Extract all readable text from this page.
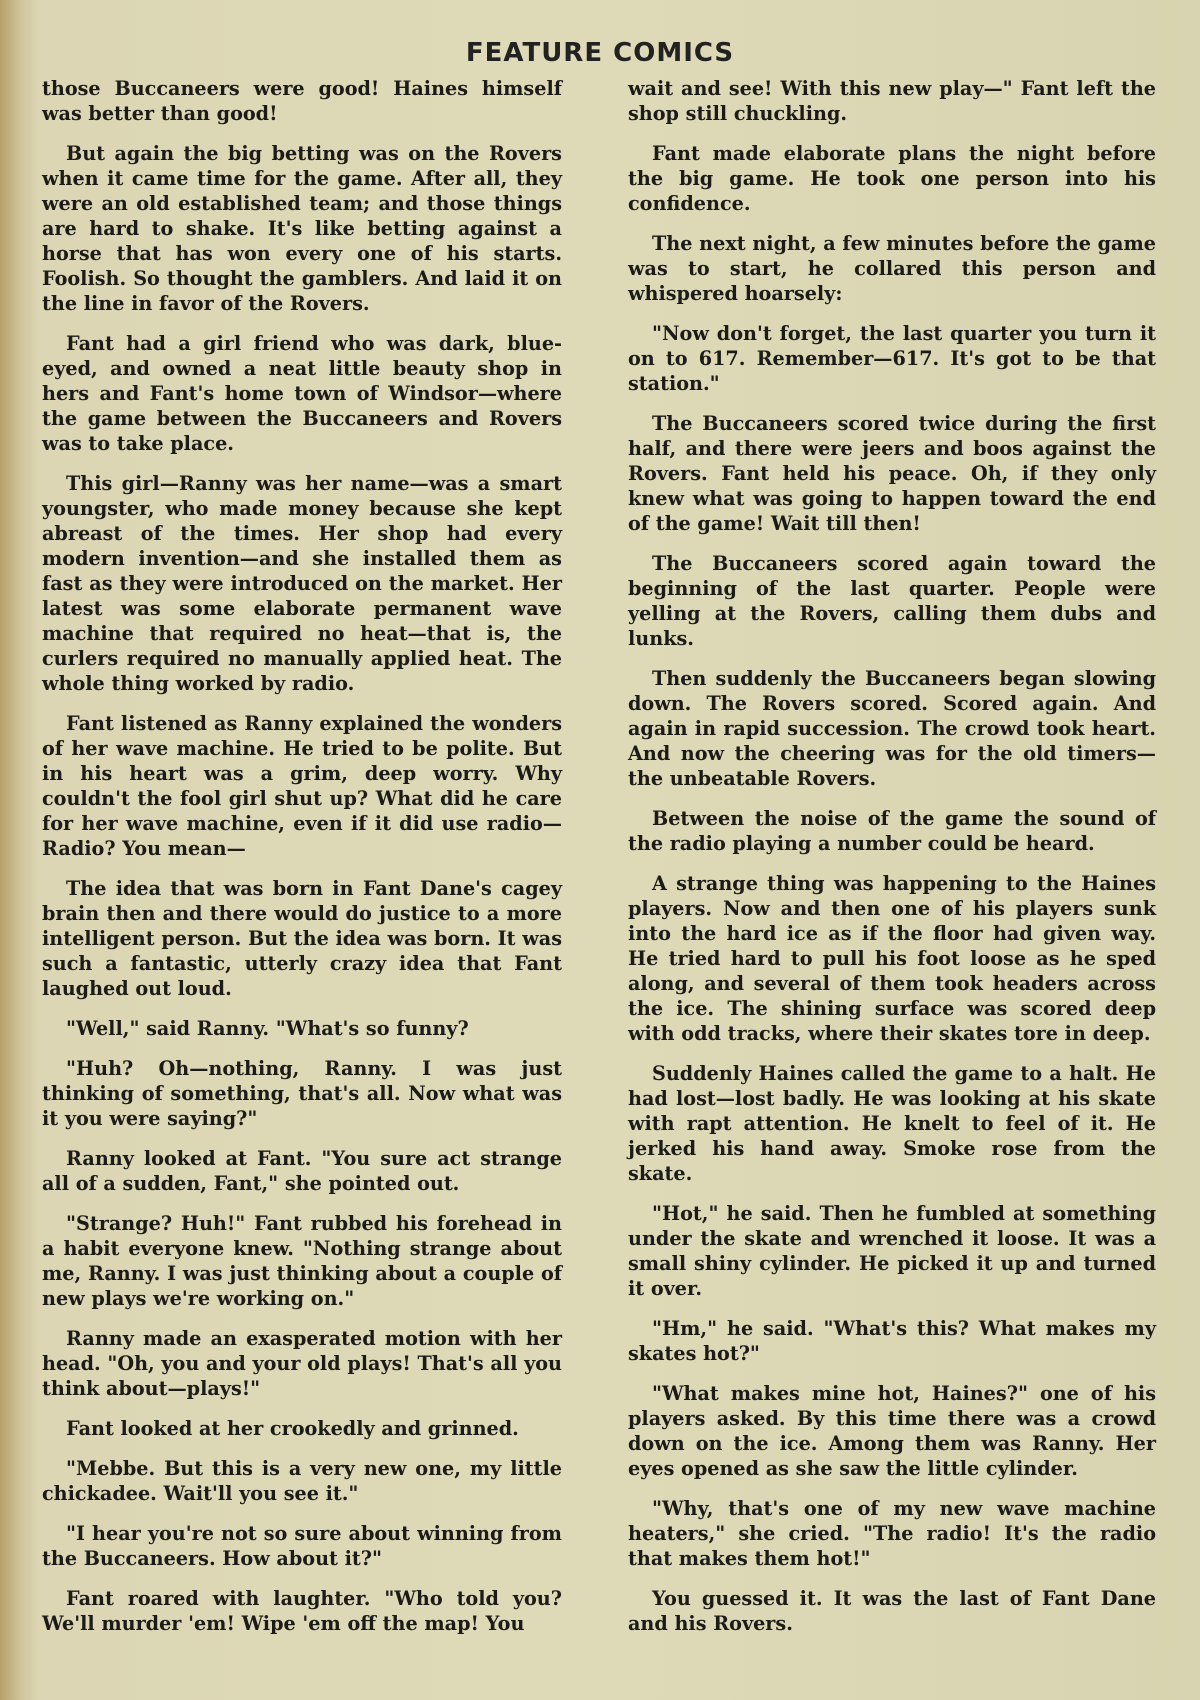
FEATURE COMICS

those Buccaneers were good! Haines himself was better than good!

But again the big betting was on the Rovers when it came time for the game. After all, they were an old established team; and those things are hard to shake. It's like betting against a horse that has won every one of his starts. Foolish. So thought the gamblers. And laid it on the line in favor of the Rovers.

Fant had a girl friend who was dark, blue-eyed, and owned a neat little beauty shop in hers and Fant's home town of Windsor—where the game between the Buccaneers and Rovers was to take place.

This girl—Ranny was her name—was a smart youngster, who made money because she kept abreast of the times. Her shop had every modern invention—and she installed them as fast as they were introduced on the market. Her latest was some elaborate permanent wave machine that required no heat—that is, the curlers required no manually applied heat. The whole thing worked by radio.

Fant listened as Ranny explained the wonders of her wave machine. He tried to be polite. But in his heart was a grim, deep worry. Why couldn't the fool girl shut up? What did he care for her wave machine, even if it did use radio—Radio? You mean—

The idea that was born in Fant Dane's cagey brain then and there would do justice to a more intelligent person. But the idea was born. It was such a fantastic, utterly crazy idea that Fant laughed out loud.

"Well," said Ranny. "What's so funny?

"Huh? Oh—nothing, Ranny. I was just thinking of something, that's all. Now what was it you were saying?"

Ranny looked at Fant. "You sure act strange all of a sudden, Fant," she pointed out.

"Strange? Huh!" Fant rubbed his forehead in a habit everyone knew. "Nothing strange about me, Ranny. I was just thinking about a couple of new plays we're working on."

Ranny made an exasperated motion with her head. "Oh, you and your old plays! That's all you think about—plays!"

Fant looked at her crookedly and grinned.

"Mebbe. But this is a very new one, my little chickadee. Wait'll you see it."

"I hear you're not so sure about winning from the Buccaneers. How about it?"

Fant roared with laughter. "Who told you? We'll murder 'em! Wipe 'em off the map! You

wait and see! With this new play—" Fant left the shop still chuckling.

Fant made elaborate plans the night before the big game. He took one person into his confidence.

The next night, a few minutes before the game was to start, he collared this person and whispered hoarsely:

"Now don't forget, the last quarter you turn it on to 617. Remember—617. It's got to be that station."

The Buccaneers scored twice during the first half, and there were jeers and boos against the Rovers. Fant held his peace. Oh, if they only knew what was going to happen toward the end of the game! Wait till then!

The Buccaneers scored again toward the beginning of the last quarter. People were yelling at the Rovers, calling them dubs and lunks.

Then suddenly the Buccaneers began slowing down. The Rovers scored. Scored again. And again in rapid succession. The crowd took heart. And now the cheering was for the old timers—the unbeatable Rovers.

Between the noise of the game the sound of the radio playing a number could be heard.

A strange thing was happening to the Haines players. Now and then one of his players sunk into the hard ice as if the floor had given way. He tried hard to pull his foot loose as he sped along, and several of them took headers across the ice. The shining surface was scored deep with odd tracks, where their skates tore in deep.

Suddenly Haines called the game to a halt. He had lost—lost badly. He was looking at his skate with rapt attention. He knelt to feel of it. He jerked his hand away. Smoke rose from the skate.

"Hot," he said. Then he fumbled at something under the skate and wrenched it loose. It was a small shiny cylinder. He picked it up and turned it over.

"Hm," he said. "What's this? What makes my skates hot?"

"What makes mine hot, Haines?" one of his players asked. By this time there was a crowd down on the ice. Among them was Ranny. Her eyes opened as she saw the little cylinder.

"Why, that's one of my new wave machine heaters," she cried. "The radio! It's the radio that makes them hot!"

You guessed it. It was the last of Fant Dane and his Rovers.
